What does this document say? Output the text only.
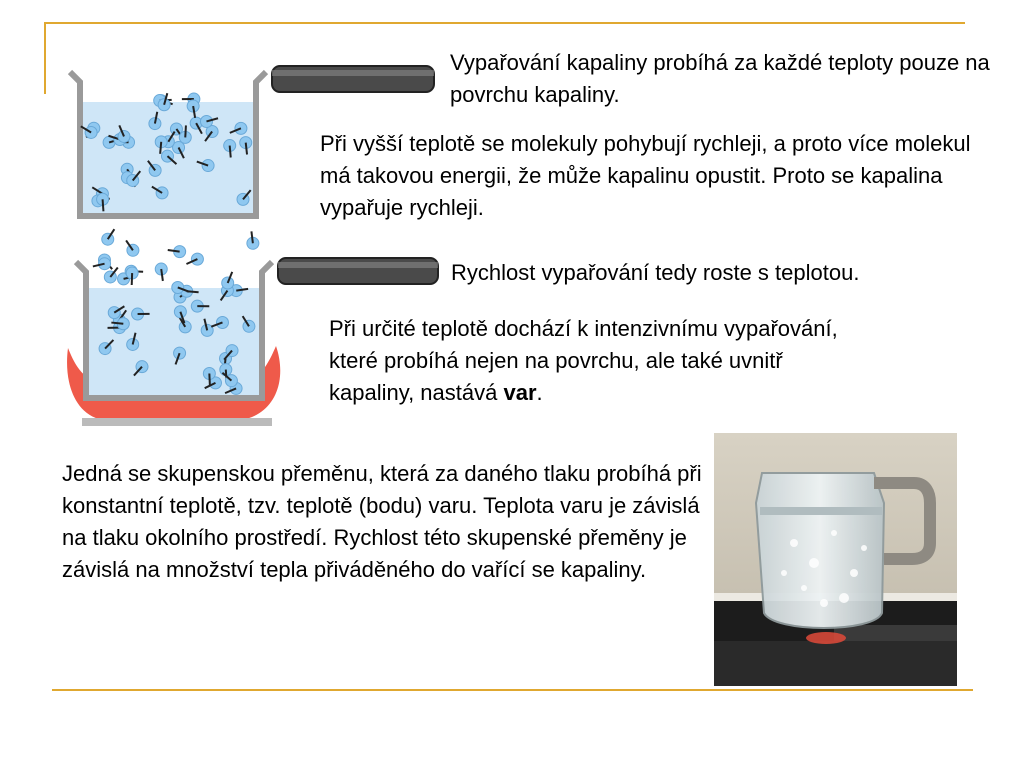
Vypařování kapaliny probíhá za každé teploty pouze na povrchu kapaliny.

Při vyšší teplotě se molekuly pohybují rychleji, a proto více molekul má takovou energii, že může kapalinu opustit. Proto se kapalina vypařuje rychleji.

Rychlost vypařování tedy roste s teplotou.

Při určité teplotě dochází k intenzivnímu vypařování, které probíhá nejen na povrchu, ale také uvnitř kapaliny, nastává var.

Jedná se skupenskou přeměnu, která za daného tlaku probíhá při konstantní teplotě, tzv. teplotě (bodu) varu. Teplota varu je závislá na tlaku okolního prostředí. Rychlost této skupenské přeměny je závislá na množství tepla přiváděného do vařící se kapaliny.
